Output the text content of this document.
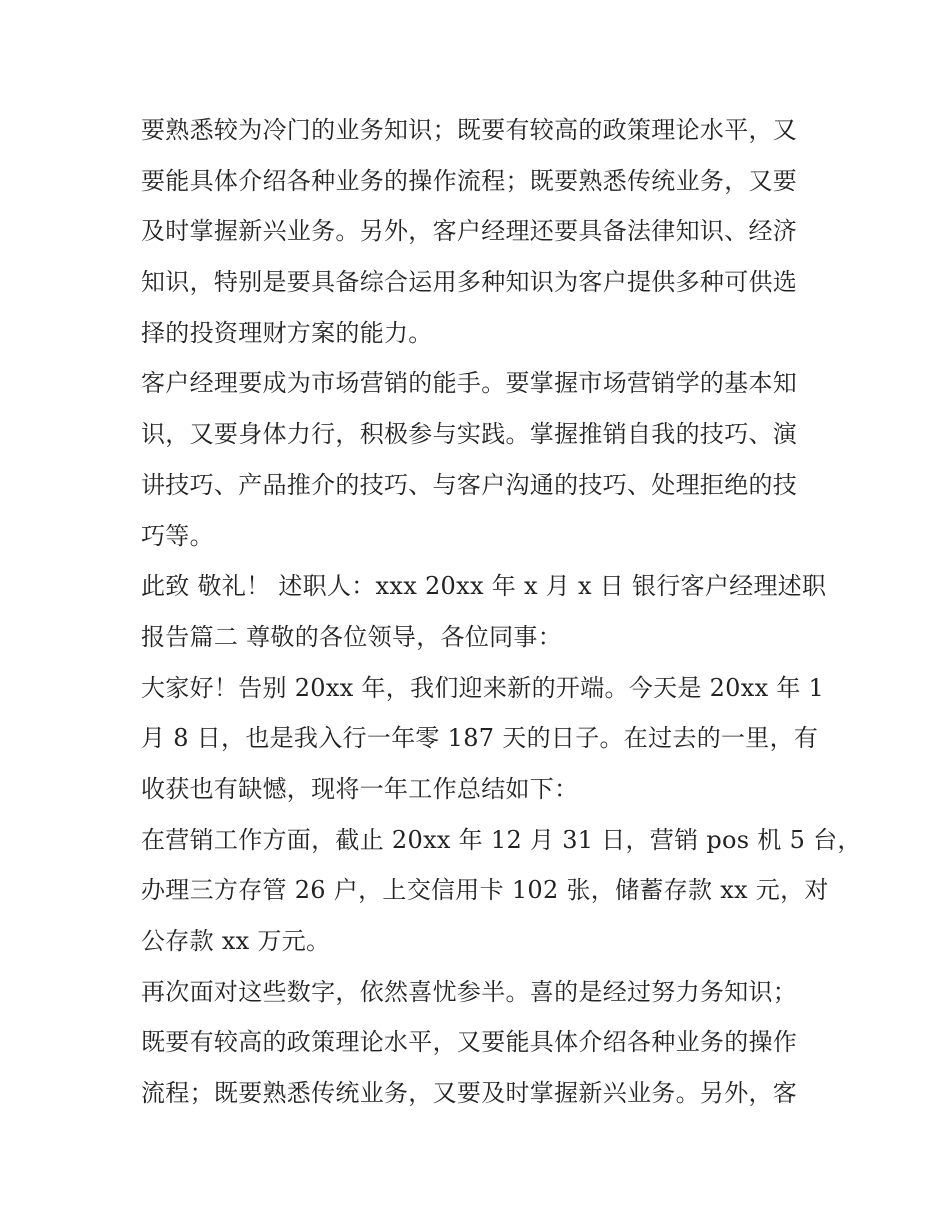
要熟悉较为冷门的业务知识；既要有较高的政策理论水平，又
要能具体介绍各种业务的操作流程；既要熟悉传统业务，又要
及时掌握新兴业务。另外，客户经理还要具备法律知识、经济
知识，特别是要具备综合运用多种知识为客户提供多种可供选
择的投资理财方案的能力。
客户经理要成为市场营销的能手。要掌握市场营销学的基本知
识，又要身体力行，积极参与实践。掌握推销自我的技巧、演
讲技巧、产品推介的技巧、与客户沟通的技巧、处理拒绝的技
巧等。
此致 敬礼！ 述职人：xxx 20xx 年 x 月 x 日 银行客户经理述职
报告篇二 尊敬的各位领导，各位同事：
大家好！告别 20xx 年，我们迎来新的开端。今天是 20xx 年 1
月 8 日，也是我入行一年零 187 天的日子。在过去的一里，有
收获也有缺憾，现将一年工作总结如下：
在营销工作方面，截止 20xx 年 12 月 31 日，营销 pos 机 5 台，
办理三方存管 26 户，上交信用卡 102 张，储蓄存款 xx 元，对
公存款 xx 万元。
再次面对这些数字，依然喜忧参半。喜的是经过努力务知识；
既要有较高的政策理论水平，又要能具体介绍各种业务的操作
流程；既要熟悉传统业务，又要及时掌握新兴业务。另外，客
